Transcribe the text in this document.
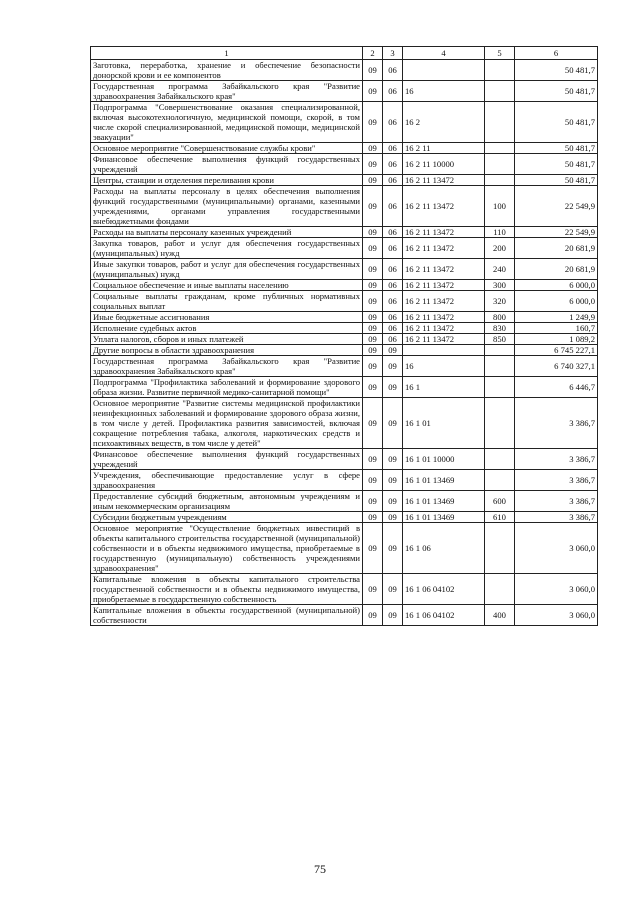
1	2	3	4	5	6
Заготовка, переработка, хранение и обеспечение безопасности донорской крови и ее компонентов	09	06			50 481,7
Государственная программа Забайкальского края "Развитие здравоохранения Забайкальского края"	09	06	16		50 481,7
Подпрограмма "Совершенствование оказания специализированной, включая высокотехнологичную, медицинской помощи, скорой, в том числе скорой специализированной, медицинской помощи, медицинской эвакуации"	09	06	16 2		50 481,7
Основное мероприятие "Совершенствование службы крови"	09	06	16 2 11		50 481,7
Финансовое обеспечение выполнения функций государственных учреждений	09	06	16 2 11 10000		50 481,7
Центры, станции и отделения переливания крови	09	06	16 2 11 13472		50 481,7
Расходы на выплаты персоналу в целях обеспечения выполнения функций государственными (муниципальными) органами, казенными учреждениями, органами управления государственными внебюджетными фондами	09	06	16 2 11 13472	100	22 549,9
Расходы на выплаты персоналу казенных учреждений	09	06	16 2 11 13472	110	22 549,9
Закупка товаров, работ и услуг для обеспечения государственных (муниципальных) нужд	09	06	16 2 11 13472	200	20 681,9
Иные закупки товаров, работ и услуг для обеспечения государственных (муниципальных) нужд	09	06	16 2 11 13472	240	20 681,9
Социальное обеспечение и иные выплаты населению	09	06	16 2 11 13472	300	6 000,0
Социальные выплаты гражданам, кроме публичных нормативных социальных выплат	09	06	16 2 11 13472	320	6 000,0
Иные бюджетные ассигнования	09	06	16 2 11 13472	800	1 249,9
Исполнение судебных актов	09	06	16 2 11 13472	830	160,7
Уплата налогов, сборов и иных платежей	09	06	16 2 11 13472	850	1 089,2
Другие вопросы в области здравоохранения	09	09			6 745 227,1
Государственная программа Забайкальского края "Развитие здравоохранения Забайкальского края"	09	09	16		6 740 327,1
Подпрограмма "Профилактика заболеваний и формирование здорового образа жизни. Развитие первичной медико-санитарной помощи"	09	09	16 1		6 446,7
Основное мероприятие "Развитие системы медицинской профилактики неинфекционных заболеваний и формирование здорового образа жизни, в том числе у детей. Профилактика развития зависимостей, включая сокращение потребления табака, алкоголя, наркотических средств и психоактивных веществ, в том числе у детей"	09	09	16 1 01		3 386,7
Финансовое обеспечение выполнения функций государственных учреждений	09	09	16 1 01 10000		3 386,7
Учреждения, обеспечивающие предоставление услуг в сфере здравоохранения	09	09	16 1 01 13469		3 386,7
Предоставление субсидий бюджетным, автономным учреждениям и иным некоммерческим организациям	09	09	16 1 01 13469	600	3 386,7
Субсидии бюджетным учреждениям	09	09	16 1 01 13469	610	3 386,7
Основное мероприятие "Осуществление бюджетных инвестиций в объекты капитального строительства государственной (муниципальной) собственности и в объекты недвижимого имущества, приобретаемые в государственную (муниципальную) собственность учреждениями здравоохранения"	09	09	16 1 06		3 060,0
Капитальные вложения в объекты капитального строительства государственной собственности и в объекты недвижимого имущества, приобретаемые в государственную собственность	09	09	16 1 06 04102		3 060,0
Капитальные вложения в объекты государственной (муниципальной) собственности	09	09	16 1 06 04102	400	3 060,0
75
